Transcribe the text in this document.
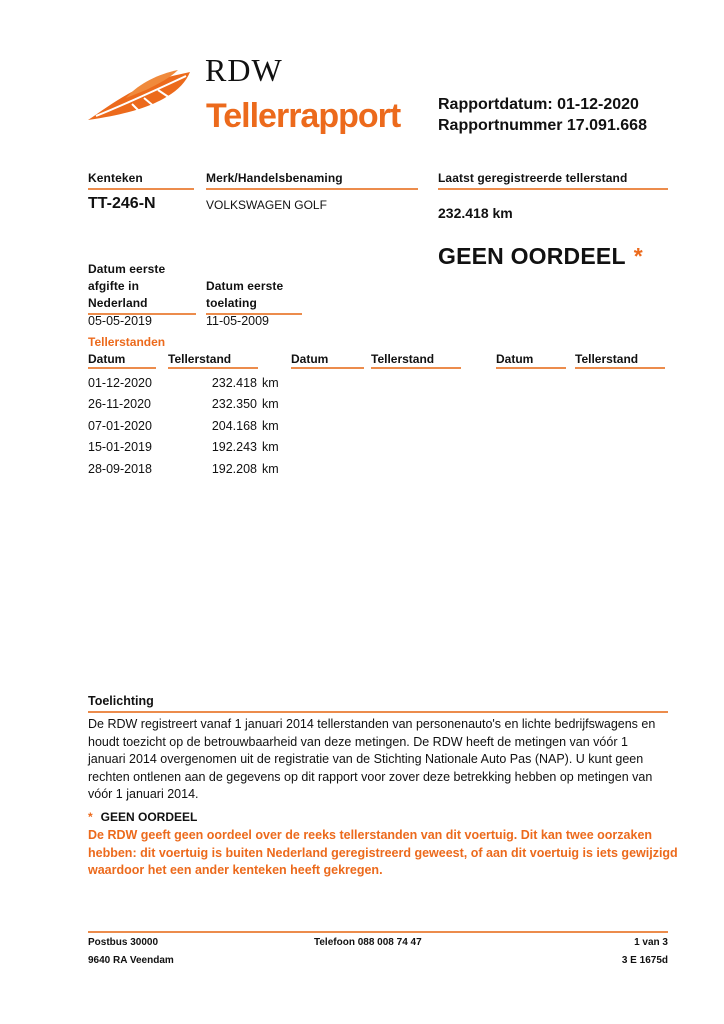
RDW
Tellerrapport Rapportdatum: 01-12-2020
Rapportnummer 17.091.668
Kenteken	Merk/Handelsbenaming	Laatst geregistreerde tellerstand
TT-246-N	VOLKSWAGEN GOLF	232.418 km
GEEN OORDEEL *
Datum eerste
afgifte in
Nederland
Datum eerste
toelating
05-05-2019	11-05-2009
Tellerstanden
Datum	Tellerstand	Datum	Tellerstand	Datum	Tellerstand
01-12-2020	232.418 km
26-11-2020	232.350 km
07-01-2020	204.168 km
15-01-2019	192.243 km
28-09-2018	192.208 km
Toelichting
De RDW registreert vanaf 1 januari 2014 tellerstanden van personenauto's en lichte bedrijfswagens en houdt toezicht op de betrouwbaarheid van deze metingen. De RDW heeft de metingen van vóór 1 januari 2014 overgenomen uit de registratie van de Stichting Nationale Auto Pas (NAP). U kunt geen rechten ontlenen aan de gegevens op dit rapport voor zover deze betrekking hebben op metingen van vóór 1 januari 2014.
* GEEN OORDEEL
De RDW geeft geen oordeel over de reeks tellerstanden van dit voertuig. Dit kan twee oorzaken hebben: dit voertuig is buiten Nederland geregistreerd geweest, of aan dit voertuig is iets gewijzigd waardoor het een ander kenteken heeft gekregen.
Postbus 30000	Telefoon 088 008 74 47	1 van 3
9640 RA Veendam	3 E 1675d
